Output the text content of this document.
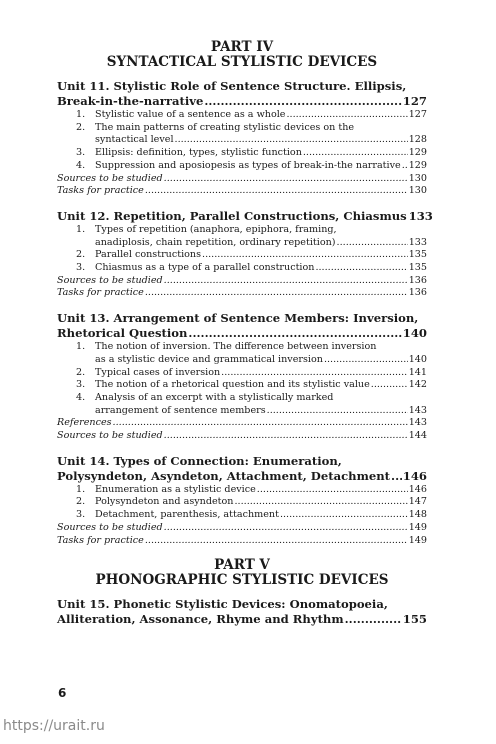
PART IV
SYNTACTICAL STYLISTIC DEVICES
Unit 11. Stylistic Role of Sentence Structure. Ellipsis,
Break-in-the-narrative .....	127
1.	Stylistic value of a sentence as a whole .....	127
2.	The main patterns of creating stylistic devices on the
syntactical level .....	128
3.	Ellipsis: definition, types, stylistic function .....	129
4.	Suppression and aposiopesis as types of break-in-the narrative ..... 129
Sources to be studied .....	130
Tasks for practice .....	130
Unit 12. Repetition, Parallel Constructions, Chiasmus 133
1.	Types of repetition (anaphora, epiphora, framing,
anadiplosis, chain repetition, ordinary repetition) .....	133
2.	Parallel constructions .....	135
3.	Chiasmus as a type of a parallel construction .....	135
Sources to be studied .....	136
Tasks for practice .....	136
Unit 13. Arrangement of Sentence Members: Inversion,
Rhetorical Question .....	140
1.	The notion of inversion. The difference between inversion
as a stylistic device and grammatical inversion .....	140
2.	Typical cases of inversion .....	141
3.	The notion of a rhetorical question and its stylistic value .....	142
4.	Analysis of an excerpt with a stylistically marked
arrangement of sentence members .....	143
References .....	143
Sources to be studied .....	144
Unit 14. Types of Connection: Enumeration,
Polysyndeton, Asyndeton, Attachment, Detachment ..... 146
1.	Enumeration as a stylistic device .....	146
2.	Polysyndeton and asyndeton .....	147
3.	Detachment, parenthesis, attachment .....	148
Sources to be studied .....	149
Tasks for practice .....	149
PART V
PHONOGRAPHIC STYLISTIC DEVICES
Unit 15. Phonetic Stylistic Devices: Onomatopoeia,
Alliteration, Assonance, Rhyme and Rhythm .....	155
6
https://urait.ru
